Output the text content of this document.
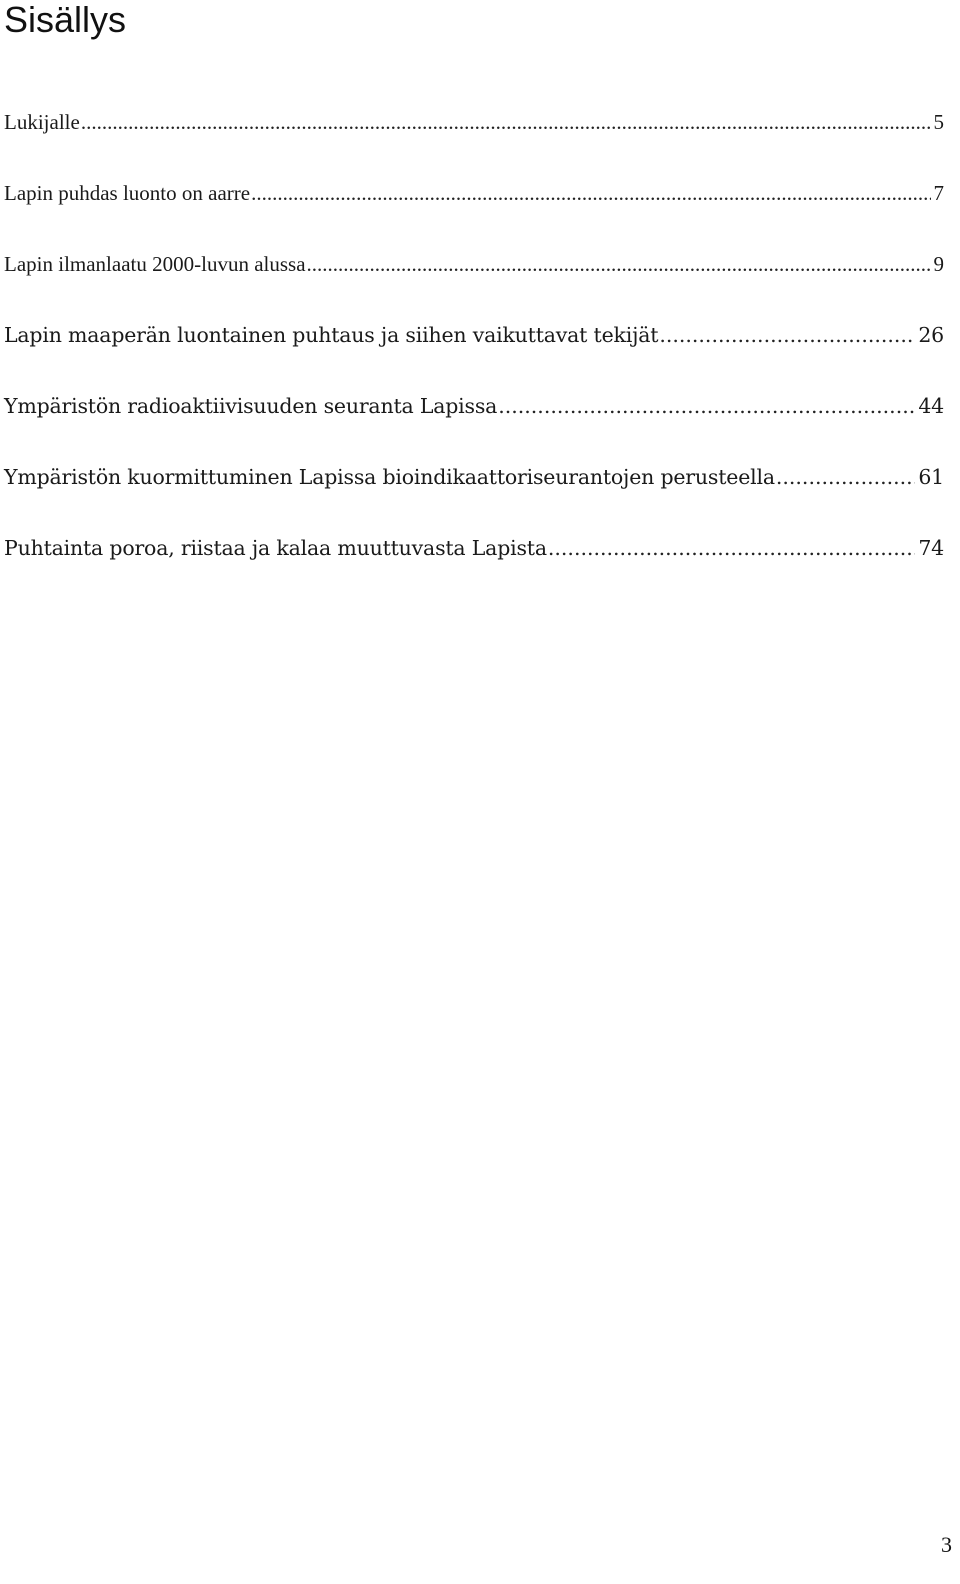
Sisällys
Lukijalle .....	5
Lapin puhdas luonto on aarre .....	7
Lapin ilmanlaatu 2000-luvun alussa .....	9
Lapin maaperän luontainen puhtaus ja siihen vaikuttavat tekijät .....	26
Ympäristön radioaktiivisuuden seuranta Lapissa .....	44
Ympäristön kuormittuminen Lapissa bioindikaattoriseurantojen perusteella .....	61
Puhtainta poroa, riistaa ja kalaa muuttuvasta Lapista .....	74
3
